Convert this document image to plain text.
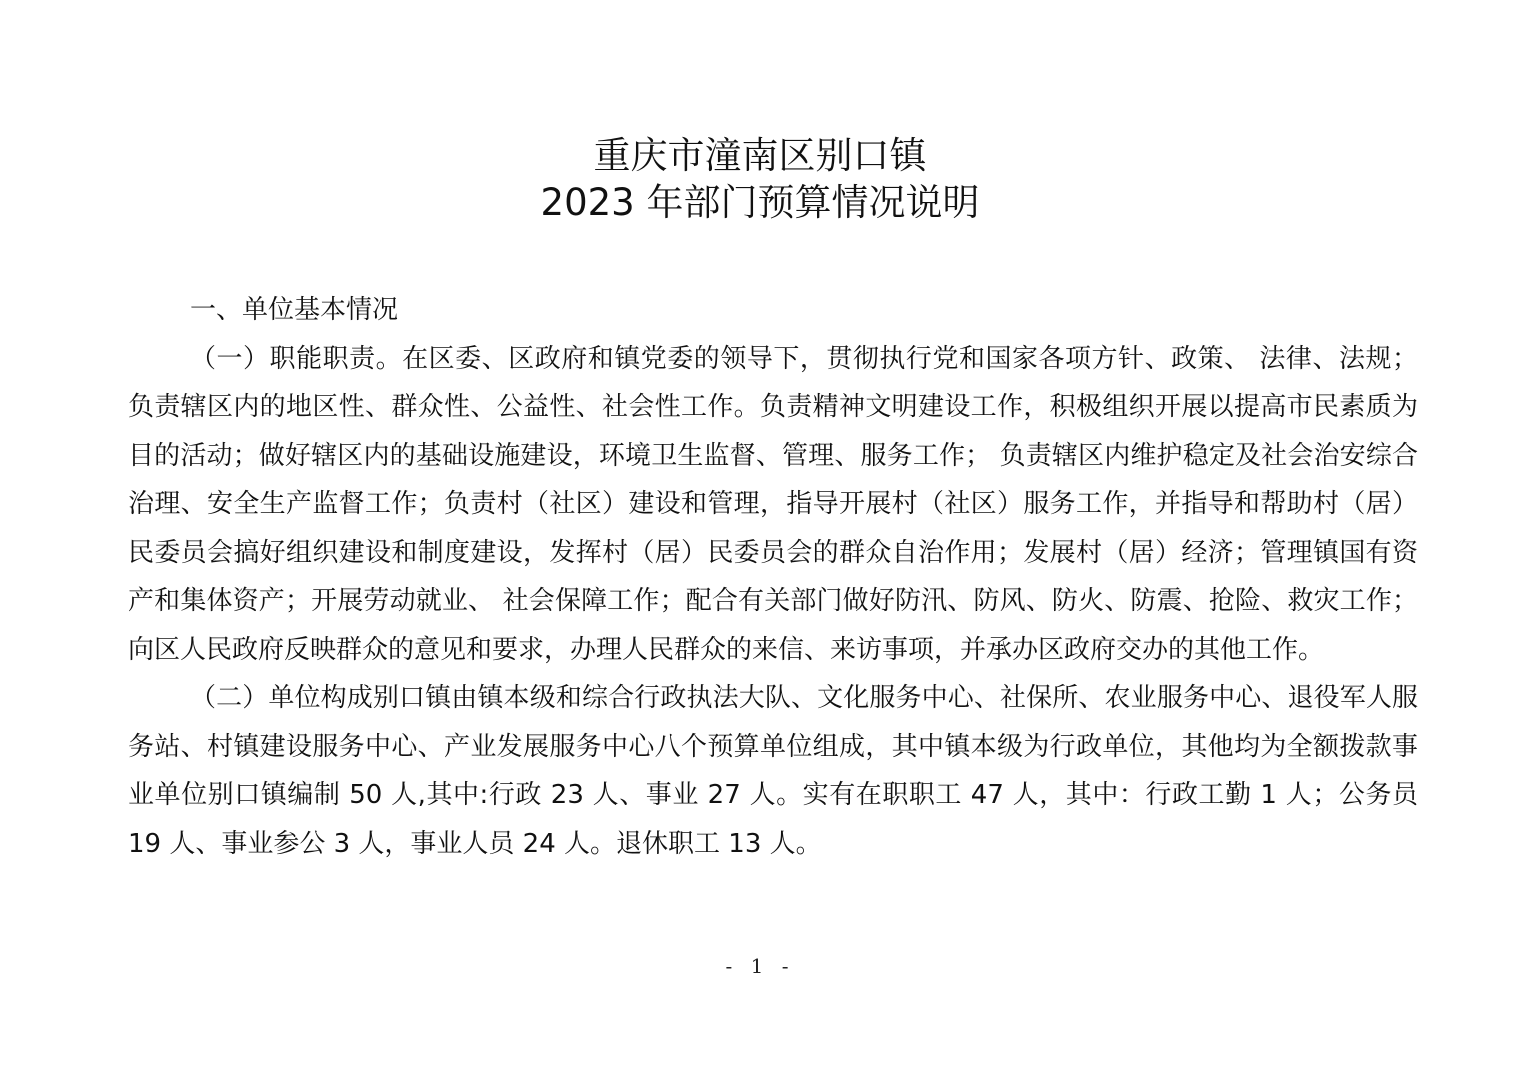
重庆市潼南区别口镇
2023 年部门预算情况说明

一、单位基本情况

（一）职能职责。在区委、区政府和镇党委的领导下，贯彻执行党和国家各项方针、政策、 法律、法规；负责辖区内的地区性、群众性、公益性、社会性工作。负责精神文明建设工作，积极组织开展以提高市民素质为目的活动；做好辖区内的基础设施建设，环境卫生监督、管理、服务工作； 负责辖区内维护稳定及社会治安综合治理、安全生产监督工作；负责村（社区）建设和管理，指导开展村（社区）服务工作，并指导和帮助村（居）民委员会搞好组织建设和制度建设，发挥村（居）民委员会的群众自治作用；发展村（居）经济；管理镇国有资产和集体资产；开展劳动就业、 社会保障工作；配合有关部门做好防汛、防风、防火、防震、抢险、救灾工作；向区人民政府反映群众的意见和要求，办理人民群众的来信、来访事项，并承办区政府交办的其他工作。

（二）单位构成别口镇由镇本级和综合行政执法大队、文化服务中心、社保所、农业服务中心、退役军人服务站、村镇建设服务中心、产业发展服务中心八个预算单位组成，其中镇本级为行政单位，其他均为全额拨款事业单位别口镇编制 50 人,其中:行政 23 人、事业 27 人。实有在职职工 47 人，其中：行政工勤 1 人；公务员 19 人、事业参公 3 人，事业人员 24 人。退休职工 13 人。

- 1 -
